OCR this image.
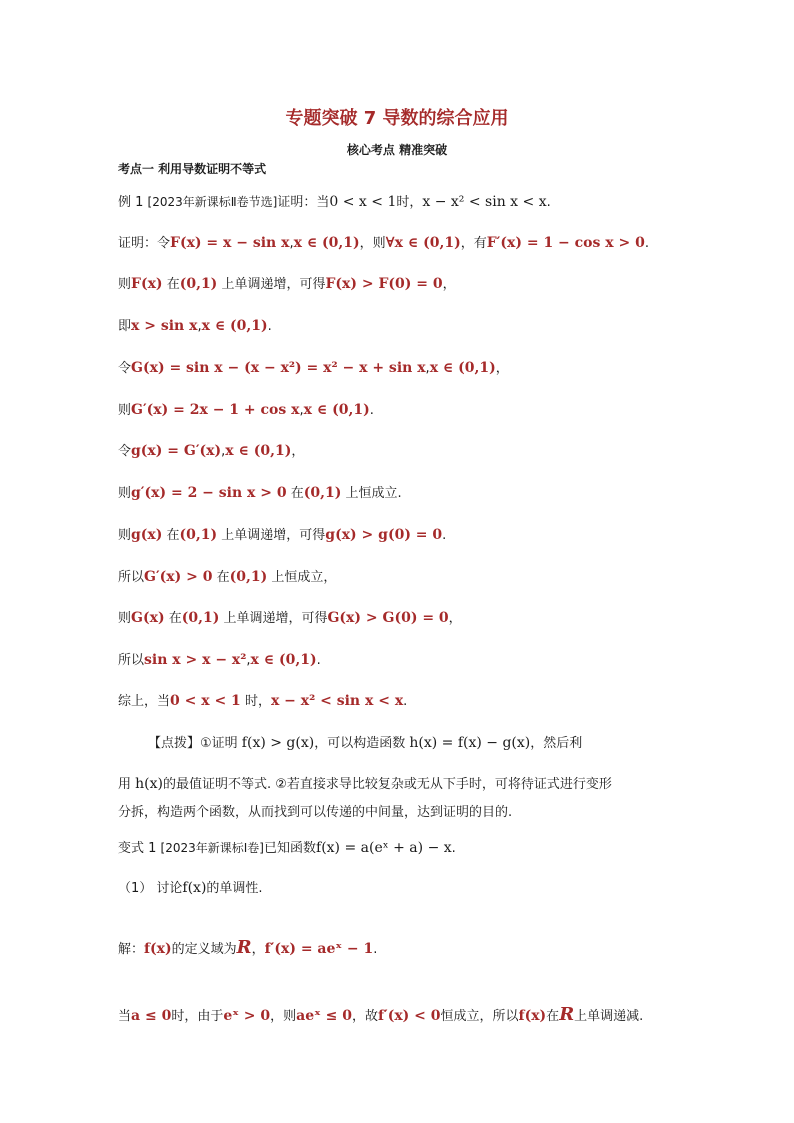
专题突破 7 导数的综合应用
核心考点 精准突破
考点一 利用导数证明不等式
例 1 [2023年新课标Ⅱ卷节选]证明：当0 < x < 1时，x − x² < sin x < x.
证明：令F(x) = x − sin x,x ∈ (0,1)，则∀x ∈ (0,1)，有F′(x) = 1 − cos x > 0.
则F(x) 在(0,1) 上单调递增，可得F(x) > F(0) = 0，
即x > sin x,x ∈ (0,1).
令G(x) = sin x − (x − x²) = x² − x + sin x,x ∈ (0,1)，
则G′(x) = 2x − 1 + cos x,x ∈ (0,1).
令g(x) = G′(x),x ∈ (0,1)，
则g′(x) = 2 − sin x > 0 在(0,1) 上恒成立.
则g(x) 在(0,1) 上单调递增，可得g(x) > g(0) = 0.
所以G′(x) > 0 在(0,1) 上恒成立，
则G(x) 在(0,1) 上单调递增，可得G(x) > G(0) = 0，
所以sin x > x − x²,x ∈ (0,1).
综上，当0 < x < 1 时，x − x² < sin x < x.
【点拨】①证明 f(x) > g(x)，可以构造函数 h(x) = f(x) − g(x)，然后利
用 h(x)的最值证明不等式. ②若直接求导比较复杂或无从下手时，可将待证式进行变形
分拆，构造两个函数，从而找到可以传递的中间量，达到证明的目的.
变式 1 [2023年新课标Ⅰ卷]已知函数f(x) = a(eˣ + a) − x.
（1） 讨论f(x)的单调性.
解：f(x)的定义域为R，f′(x) = aeˣ − 1.
当a ≤ 0时，由于eˣ > 0，则aeˣ ≤ 0，故f′(x) < 0恒成立，所以f(x)在R上单调递减.
